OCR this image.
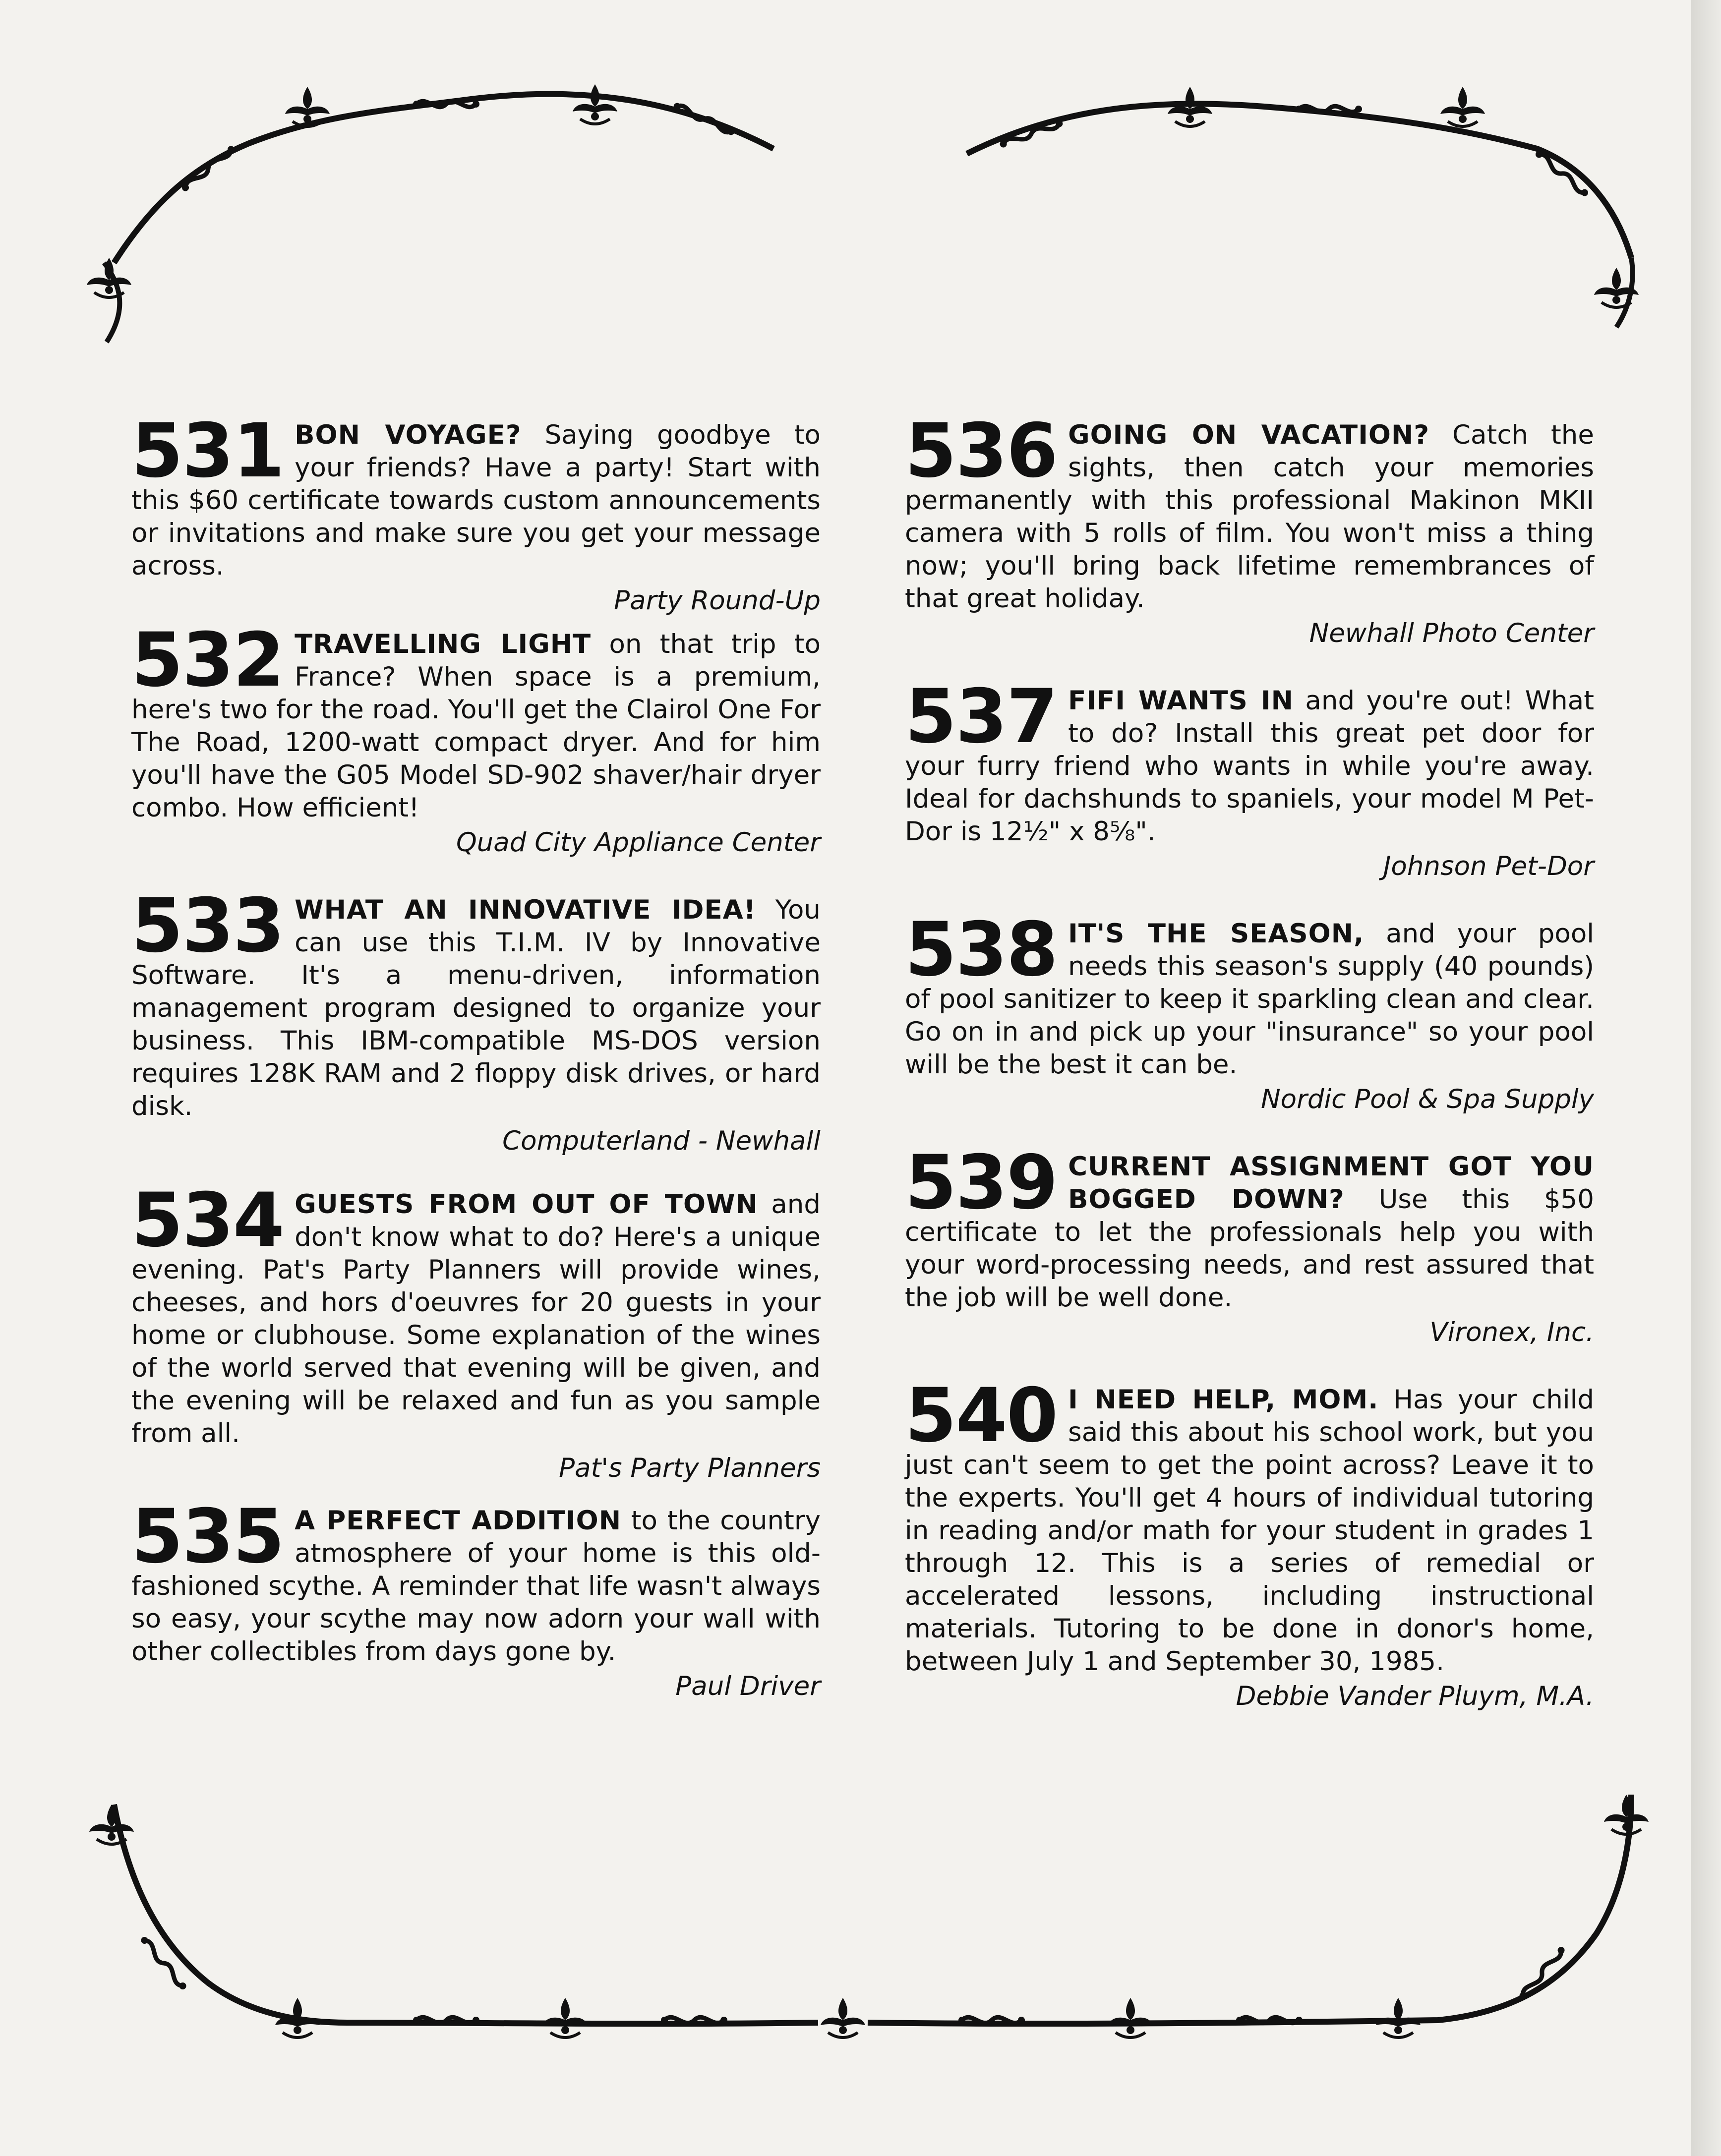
531 BON VOYAGE? Saying goodbye to your friends? Have a party! Start with this $60 certificate towards custom announcements or invitations and make sure you get your message across.
Party Round-Up
532 TRAVELLING LIGHT on that trip to France? When space is a premium, here's two for the road. You'll get the Clairol One For The Road, 1200-watt compact dryer. And for him you'll have the G05 Model SD-902 shaver/hair dryer combo. How efficient!
Quad City Appliance Center
533 WHAT AN INNOVATIVE IDEA! You can use this T.I.M. IV by Innovative Software. It's a menu-driven, information management program designed to organize your business. This IBM-compatible MS-DOS version requires 128K RAM and 2 floppy disk drives, or hard disk.
Computerland - Newhall
534 GUESTS FROM OUT OF TOWN and don't know what to do? Here's a unique evening. Pat's Party Planners will provide wines, cheeses, and hors d'oeuvres for 20 guests in your home or clubhouse. Some explanation of the wines of the world served that evening will be given, and the evening will be relaxed and fun as you sample from all.
Pat's Party Planners
535 A PERFECT ADDITION to the country atmosphere of your home is this old-fashioned scythe. A reminder that life wasn't always so easy, your scythe may now adorn your wall with other collectibles from days gone by.
Paul Driver
536 GOING ON VACATION? Catch the sights, then catch your memories permanently with this professional Makinon MKII camera with 5 rolls of film. You won't miss a thing now; you'll bring back lifetime remembrances of that great holiday.
Newhall Photo Center
537 FIFI WANTS IN and you're out! What to do? Install this great pet door for your furry friend who wants in while you're away. Ideal for dachshunds to spaniels, your model M Pet-Dor is 12½" x 8⅝".
Johnson Pet-Dor
538 IT'S THE SEASON, and your pool needs this season's supply (40 pounds) of pool sanitizer to keep it sparkling clean and clear. Go on in and pick up your "insurance" so your pool will be the best it can be.
Nordic Pool & Spa Supply
539 CURRENT ASSIGNMENT GOT YOU BOGGED DOWN? Use this $50 certificate to let the professionals help you with your word-processing needs, and rest assured that the job will be well done.
Vironex, Inc.
540 I NEED HELP, MOM. Has your child said this about his school work, but you just can't seem to get the point across? Leave it to the experts. You'll get 4 hours of individual tutoring in reading and/or math for your student in grades 1 through 12. This is a series of remedial or accelerated lessons, including instructional materials. Tutoring to be done in donor's home, between July 1 and September 30, 1985.
Debbie Vander Pluym, M.A.
